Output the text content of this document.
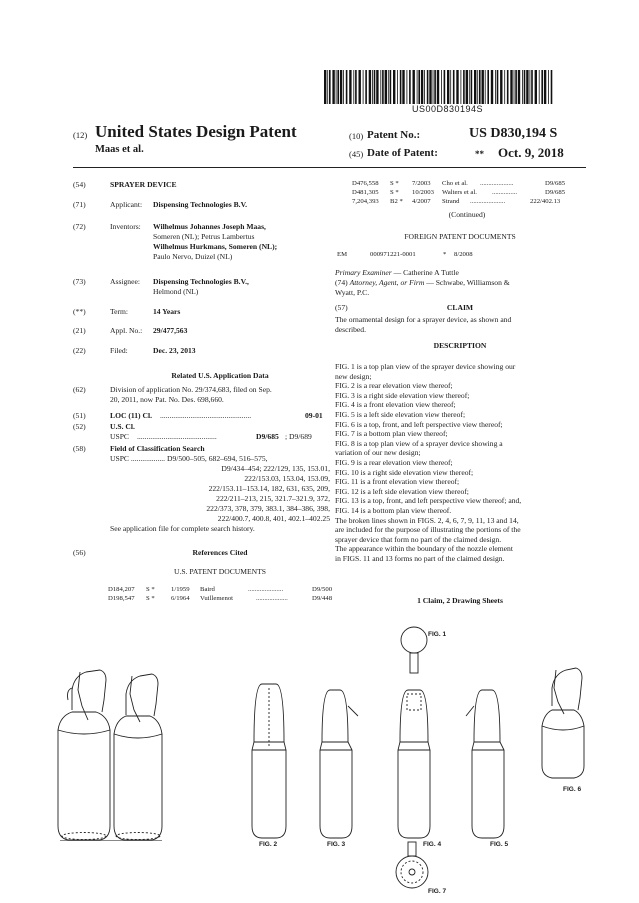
US00D830194S
(12) United States Design Patent
Maas et al.
(10) Patent No.:	US D830,194 S
(45) Date of Patent:	** Oct. 9, 2018
(54)	SPRAYER DEVICE
(71)	Applicant: Dispensing Technologies B.V.
(72)	Inventors: Wilhelmus Johannes Joseph Maas,
Someren (NL); Petrus Lambertus
Wilhelmus Hurkmans, Someren (NL);
Paulo Nervo, Duizel (NL)
(73)	Assignee: Dispensing Technologies B.V.,
Helmond (NL)
(**)	Term:	14 Years
(21)	Appl. No.: 29/477,563
(22)	Filed:	Dec. 23, 2013
Related U.S. Application Data
(62)	Division of application No. 29/374,683, filed on Sep.
20, 2011, now Pat. No. Des. 698,660.
(51)	LOC (11) Cl. ................................................	09-01
(52)	U.S. Cl.
USPC ..........................................	D9/685 ; D9/689
(58)	Field of Classification Search
USPC .................. D9/500–505, 682–694, 516–575,
D9/434–454; 222/129, 135, 153.01,
222/153.03, 153.04, 153.09,
222/153.11–153.14, 182, 631, 635, 209,
222/211–213, 215, 321.7–321.9, 372,
222/373, 378, 379, 383.1, 384–386, 398,
222/400.7, 400.8, 401, 402.1–402.25
See application file for complete search history.
(56)	References Cited
U.S. PATENT DOCUMENTS
D184,207 S * 1/1959 Baird	.....................	D9/500
D198,547 S * 6/1964 Vuillemenot	...................	D9/448
D476,558 S * 7/2003 Cho et al. ....................	D9/685
D481,305 S * 10/2003 Walters et al. ...............	D9/685
7,204,393 B2 * 4/2007 Strand .....................	222/402.13
(Continued)
FOREIGN PATENT DOCUMENTS
EM	000971221-0001	* 8/2008
Primary Examiner — Catherine A Tuttle
(74) Attorney, Agent, or Firm — Schwabe, Williamson &
Wyatt, P.C.
(57)	CLAIM
The ornamental design for a sprayer device, as shown and
described.
DESCRIPTION
FIG. 1 is a top plan view of the sprayer device showing our
new design;
FIG. 2 is a rear elevation view thereof;
FIG. 3 is a right side elevation view thereof;
FIG. 4 is a front elevation view thereof;
FIG. 5 is a left side elevation view thereof;
FIG. 6 is a top, front, and left perspective view thereof;
FIG. 7 is a bottom plan view thereof;
FIG. 8 is a top plan view of a sprayer device showing a
variation of our new design;
FIG. 9 is a rear elevation view thereof;
FIG. 10 is a right side elevation view thereof;
FIG. 11 is a front elevation view thereof;
FIG. 12 is a left side elevation view thereof;
FIG. 13 is a top, front, and left perspective view thereof; and,
FIG. 14 is a bottom plan view thereof.
The broken lines shown in FIGS. 2, 4, 6, 7, 9, 11, 13 and 14,
are included for the purpose of illustrating the portions of the
sprayer device that form no part of the claimed design.
The appearance within the boundary of the nozzle element
in FIGS. 11 and 13 forms no part of the claimed design.
1 Claim, 2 Drawing Sheets
FIG. 1
FIG. 2	FIG. 3	FIG. 4	FIG. 5
FIG. 6
FIG. 7
